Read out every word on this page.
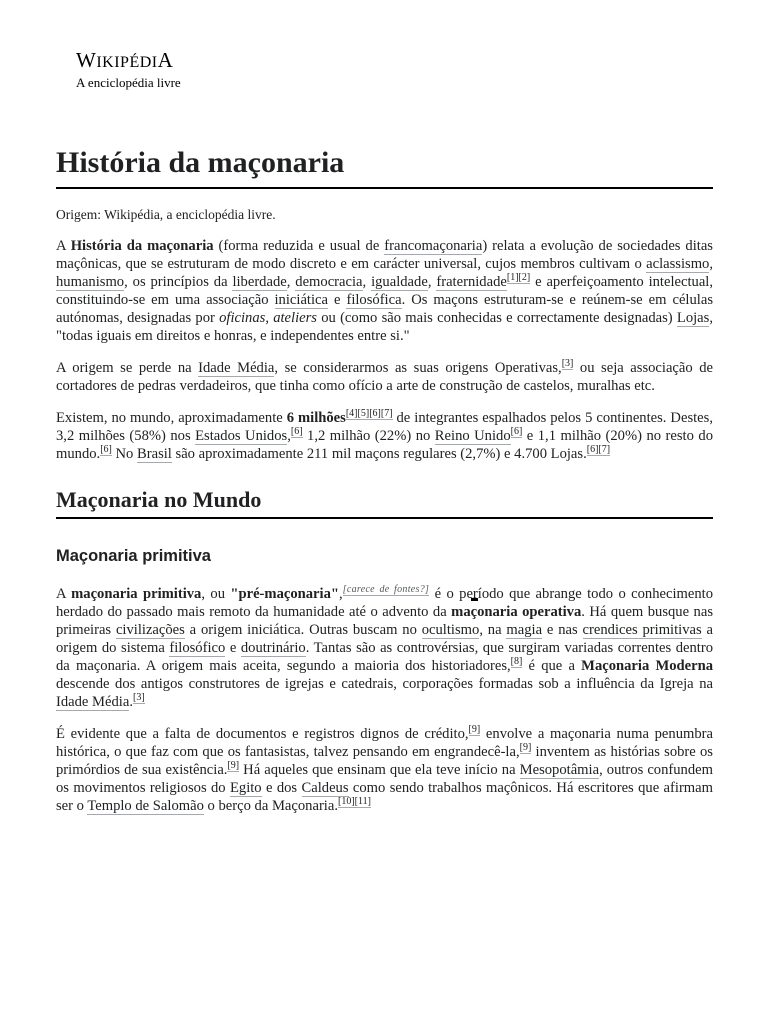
WIKIPÉDIA
A enciclopédia livre
História da maçonaria
Origem: Wikipédia, a enciclopédia livre.

A História da maçonaria (forma reduzida e usual de francomaçonaria) relata a evolução de sociedades ditas maçônicas, que se estruturam de modo discreto e em carácter universal, cujos membros cultivam o aclassismo, humanismo, os princípios da liberdade, democracia, igualdade, fraternidade[1][2] e aperfeiçoamento intelectual, constituindo-se em uma associação iniciática e filosófica. Os maçons estruturam-se e reúnem-se em células autónomas, designadas por oficinas, ateliers ou (como são mais conhecidas e correctamente designadas) Lojas, "todas iguais em direitos e honras, e independentes entre si."

A origem se perde na Idade Média, se considerarmos as suas origens Operativas,[3] ou seja associação de cortadores de pedras verdadeiros, que tinha como ofício a arte de construção de castelos, muralhas etc.

Existem, no mundo, aproximadamente 6 milhões[4][5][6][7] de integrantes espalhados pelos 5 continentes. Destes, 3,2 milhões (58%) nos Estados Unidos,[6] 1,2 milhão (22%) no Reino Unido[6] e 1,1 milhão (20%) no resto do mundo.[6] No Brasil são aproximadamente 211 mil maçons regulares (2,7%) e 4.700 Lojas.[6][7]

Maçonaria no Mundo
Maçonaria primitiva

A maçonaria primitiva, ou "pré-maçonaria",[carece de fontes?] é o período que abrange todo o conhecimento herdado do passado mais remoto da humanidade até o advento da maçonaria operativa. Há quem busque nas primeiras civilizações a origem iniciática. Outras buscam no ocultismo, na magia e nas crendices primitivas a origem do sistema filosófico e doutrinário. Tantas são as controvérsias, que surgiram variadas correntes dentro da maçonaria. A origem mais aceita, segundo a maioria dos historiadores,[8] é que a Maçonaria Moderna descende dos antigos construtores de igrejas e catedrais, corporações formadas sob a influência da Igreja na Idade Média.[3]

É evidente que a falta de documentos e registros dignos de crédito,[9] envolve a maçonaria numa penumbra histórica, o que faz com que os fantasistas, talvez pensando em engrandecê-la,[9] inventem as histórias sobre os primórdios de sua existência.[9] Há aqueles que ensinam que ela teve início na Mesopotâmia, outros confundem os movimentos religiosos do Egito e dos Caldeus como sendo trabalhos maçônicos. Há escritores que afirmam ser o Templo de Salomão o berço da Maçonaria.[10][11]
